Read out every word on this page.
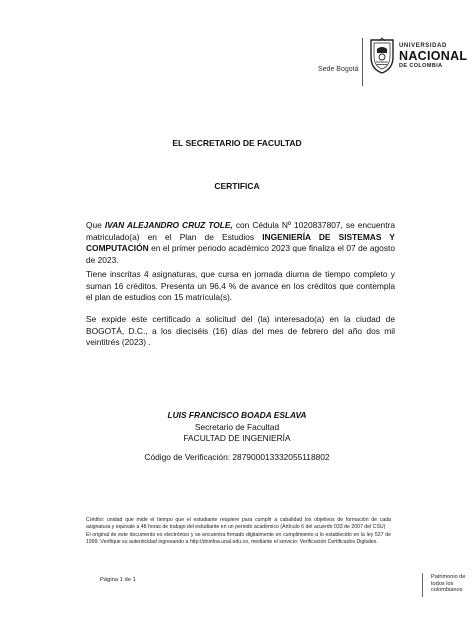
Sede Bogotá
UNIVERSIDAD
NACIONAL
DE COLOMBIA
EL SECRETARIO DE FACULTAD
CERTIFICA
Que IVAN ALEJANDRO CRUZ TOLE, con Cédula Nº 1020837807, se encuentra matriculado(a) en el Plan de Estudios INGENIERÍA DE SISTEMAS Y COMPUTACIÓN en el primer periodo académico 2023 que finaliza el 07 de agosto de 2023.
Tiene inscritas 4 asignaturas, que cursa en jornada diurna de tiempo completo y suman 16 créditos. Presenta un 96,4 % de avance en los créditos que contempla el plan de estudios con 15 matrícula(s).
Se expide este certificado a solicitud del (la) interesado(a) en la ciudad de BOGOTÁ, D.C., a los dieciséis (16) días del mes de febrero del año dos mil veintitrés (2023) .
LUIS FRANCISCO BOADA ESLAVA
Secretario de Facultad
FACULTAD DE INGENIERÍA
Código de Verificación: 28790001333205511880​2

Crédito: unidad que mide el tiempo que el estudiante requiere para cumplir a cabalidad los objetivos de formación de cada asignatura y equivale a 48 horas de trabajo del estudiante en un periodo académico (Artículo 6 del acuerdo 033 de 2007 del CSU)

El original de este documento es electrónico y se encuentra firmado digitalmente en cumplimiento a lo establecido en la ley 527 de 1999. Verifique su autenticidad ingresando a http://dninfoa.unal.edu.co, mediante el servicio: Verificación Certificados Digitales.

Página 1 de 1	Patrimonio de todos los colombianos
